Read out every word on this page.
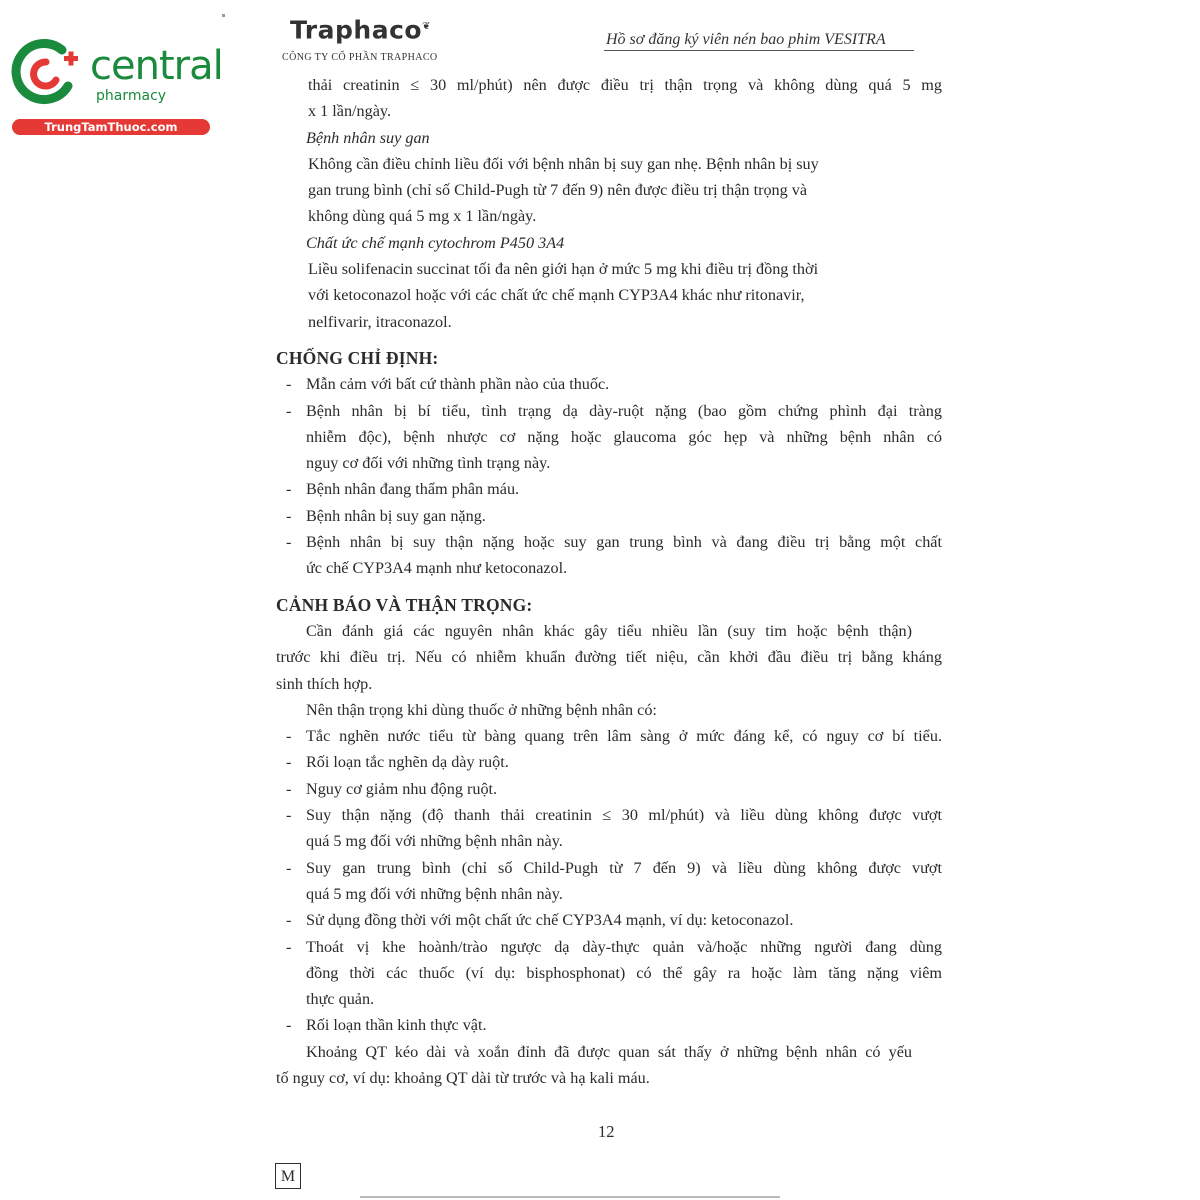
central
pharmacy
TrungTamThuoc.com
Traphaco❦
CÔNG TY CỔ PHẦN TRAPHACO
Hồ sơ đăng ký viên nén bao phim VESITRA
thải creatinin ≤ 30 ml/phút) nên được điều trị thận trọng và không dùng quá 5 mg
x 1 lần/ngày.
Bệnh nhân suy gan
Không cần điều chỉnh liều đối với bệnh nhân bị suy gan nhẹ. Bệnh nhân bị suy
gan trung bình (chỉ số Child-Pugh từ 7 đến 9) nên được điều trị thận trọng và
không dùng quá 5 mg x 1 lần/ngày.
Chất ức chế mạnh cytochrom P450 3A4
Liều solifenacin succinat tối đa nên giới hạn ở mức 5 mg khi điều trị đồng thời
với ketoconazol hoặc với các chất ức chế mạnh CYP3A4 khác như ritonavir,
nelfivarir, itraconazol.
CHỐNG CHỈ ĐỊNH:
- Mẫn cảm với bất cứ thành phần nào của thuốc.
- Bệnh nhân bị bí tiểu, tình trạng dạ dày-ruột nặng (bao gồm chứng phình đại tràng
nhiễm độc), bệnh nhược cơ nặng hoặc glaucoma góc hẹp và những bệnh nhân có
nguy cơ đối với những tình trạng này.
- Bệnh nhân đang thẩm phân máu.
- Bệnh nhân bị suy gan nặng.
- Bệnh nhân bị suy thận nặng hoặc suy gan trung bình và đang điều trị bằng một chất
ức chế CYP3A4 mạnh như ketoconazol.
CẢNH BÁO VÀ THẬN TRỌNG:
Cần đánh giá các nguyên nhân khác gây tiểu nhiều lần (suy tim hoặc bệnh thận)
trước khi điều trị. Nếu có nhiễm khuẩn đường tiết niệu, cần khởi đầu điều trị bằng kháng
sinh thích hợp.
Nên thận trọng khi dùng thuốc ở những bệnh nhân có:
- Tắc nghẽn nước tiểu từ bàng quang trên lâm sàng ở mức đáng kể, có nguy cơ bí tiểu.
- Rối loạn tắc nghẽn dạ dày ruột.
- Nguy cơ giảm nhu động ruột.
- Suy thận nặng (độ thanh thải creatinin ≤ 30 ml/phút) và liều dùng không được vượt
quá 5 mg đối với những bệnh nhân này.
- Suy gan trung bình (chỉ số Child-Pugh từ 7 đến 9) và liều dùng không được vượt
quá 5 mg đối với những bệnh nhân này.
- Sử dụng đồng thời với một chất ức chế CYP3A4 mạnh, ví dụ: ketoconazol.
- Thoát vị khe hoành/trào ngược dạ dày-thực quản và/hoặc những người đang dùng
đồng thời các thuốc (ví dụ: bisphosphonat) có thể gây ra hoặc làm tăng nặng viêm
thực quản.
- Rối loạn thần kinh thực vật.
Khoảng QT kéo dài và xoắn đỉnh đã được quan sát thấy ở những bệnh nhân có yếu
tố nguy cơ, ví dụ: khoảng QT dài từ trước và hạ kali máu.
12
M
